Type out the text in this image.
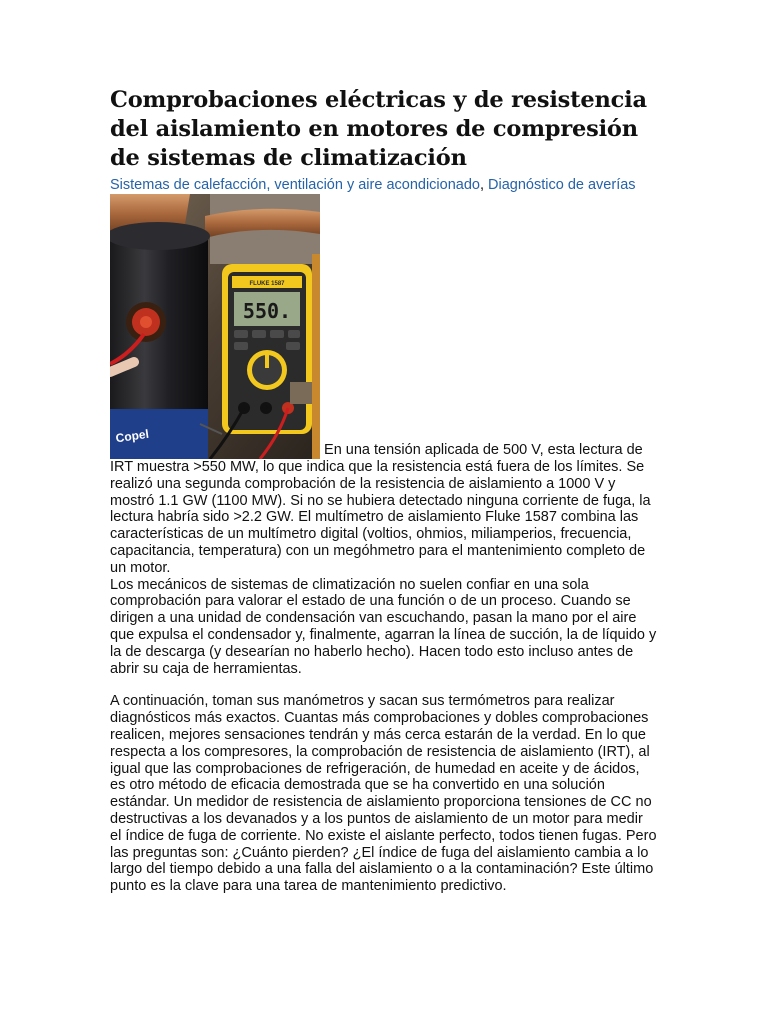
Comprobaciones eléctricas y de resistencia del aislamiento en motores de compresión de sistemas de climatización
Sistemas de calefacción, ventilación y aire acondicionado, Diagnóstico de averías

Copel
FLUKE 1587
550.
En una tensión aplicada de 500 V, esta lectura de IRT muestra >550 MW, lo que indica que la resistencia está fuera de los límites. Se realizó una segunda comprobación de la resistencia de aislamiento a 1000 V y mostró 1.1 GW (1100 MW). Si no se hubiera detectado ninguna corriente de fuga, la lectura habría sido >2.2 GW. El multímetro de aislamiento Fluke 1587 combina las características de un multímetro digital (voltios, ohmios, miliamperios, frecuencia, capacitancia, temperatura) con un megóhmetro para el mantenimiento completo de un motor.

Los mecánicos de sistemas de climatización no suelen confiar en una sola comprobación para valorar el estado de una función o de un proceso. Cuando se dirigen a una unidad de condensación van escuchando, pasan la mano por el aire que expulsa el condensador y, finalmente, agarran la línea de succión, la de líquido y la de descarga (y desearían no haberlo hecho). Hacen todo esto incluso antes de abrir su caja de herramientas.

A continuación, toman sus manómetros y sacan sus termómetros para realizar diagnósticos más exactos. Cuantas más comprobaciones y dobles comprobaciones realicen, mejores sensaciones tendrán y más cerca estarán de la verdad. En lo que respecta a los compresores, la comprobación de resistencia de aislamiento (IRT), al igual que las comprobaciones de refrigeración, de humedad en aceite y de ácidos, es otro método de eficacia demostrada que se ha convertido en una solución estándar. Un medidor de resistencia de aislamiento proporciona tensiones de CC no destructivas a los devanados y a los puntos de aislamiento de un motor para medir el índice de fuga de corriente. No existe el aislante perfecto, todos tienen fugas. Pero las preguntas son: ¿Cuánto pierden? ¿El índice de fuga del aislamiento cambia a lo largo del tiempo debido a una falla del aislamiento o a la contaminación? Este último punto es la clave para una tarea de mantenimiento predictivo.
